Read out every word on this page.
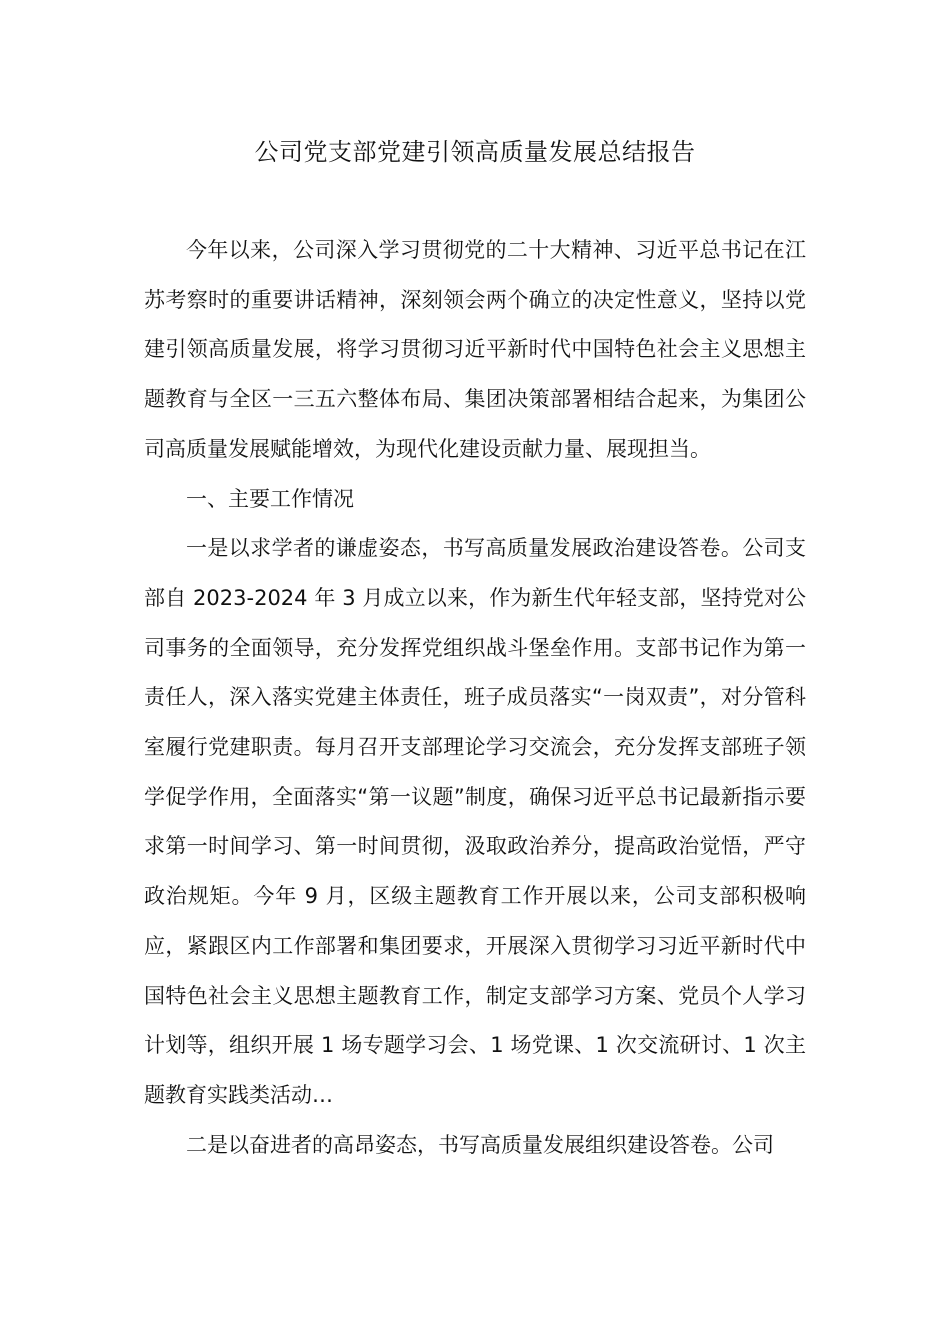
公司党支部党建引领高质量发展总结报告

今年以来，公司深入学习贯彻党的二十大精神、习近平总书记在江苏考察时的重要讲话精神，深刻领会两个确立的决定性意义，坚持以党建引领高质量发展，将学习贯彻习近平新时代中国特色社会主义思想主题教育与全区一三五六整体布局、集团决策部署相结合起来，为集团公司高质量发展赋能增效，为现代化建设贡献力量、展现担当。

一、主要工作情况

一是以求学者的谦虚姿态，书写高质量发展政治建设答卷。公司支部自 2023-2024 年 3 月成立以来，作为新生代年轻支部，坚持党对公司事务的全面领导，充分发挥党组织战斗堡垒作用。支部书记作为第一责任人，深入落实党建主体责任，班子成员落实“一岗双责”，对分管科室履行党建职责。每月召开支部理论学习交流会，充分发挥支部班子领学促学作用，全面落实“第一议题”制度，确保习近平总书记最新指示要求第一时间学习、第一时间贯彻，汲取政治养分，提高政治觉悟，严守政治规矩。今年 9 月，区级主题教育工作开展以来，公司支部积极响应，紧跟区内工作部署和集团要求，开展深入贯彻学习习近平新时代中国特色社会主义思想主题教育工作，制定支部学习方案、党员个人学习计划等，组织开展 1 场专题学习会、1 场党课、1 次交流研讨、1 次主题教育实践类活动…

二是以奋进者的高昂姿态，书写高质量发展组织建设答卷。公司
